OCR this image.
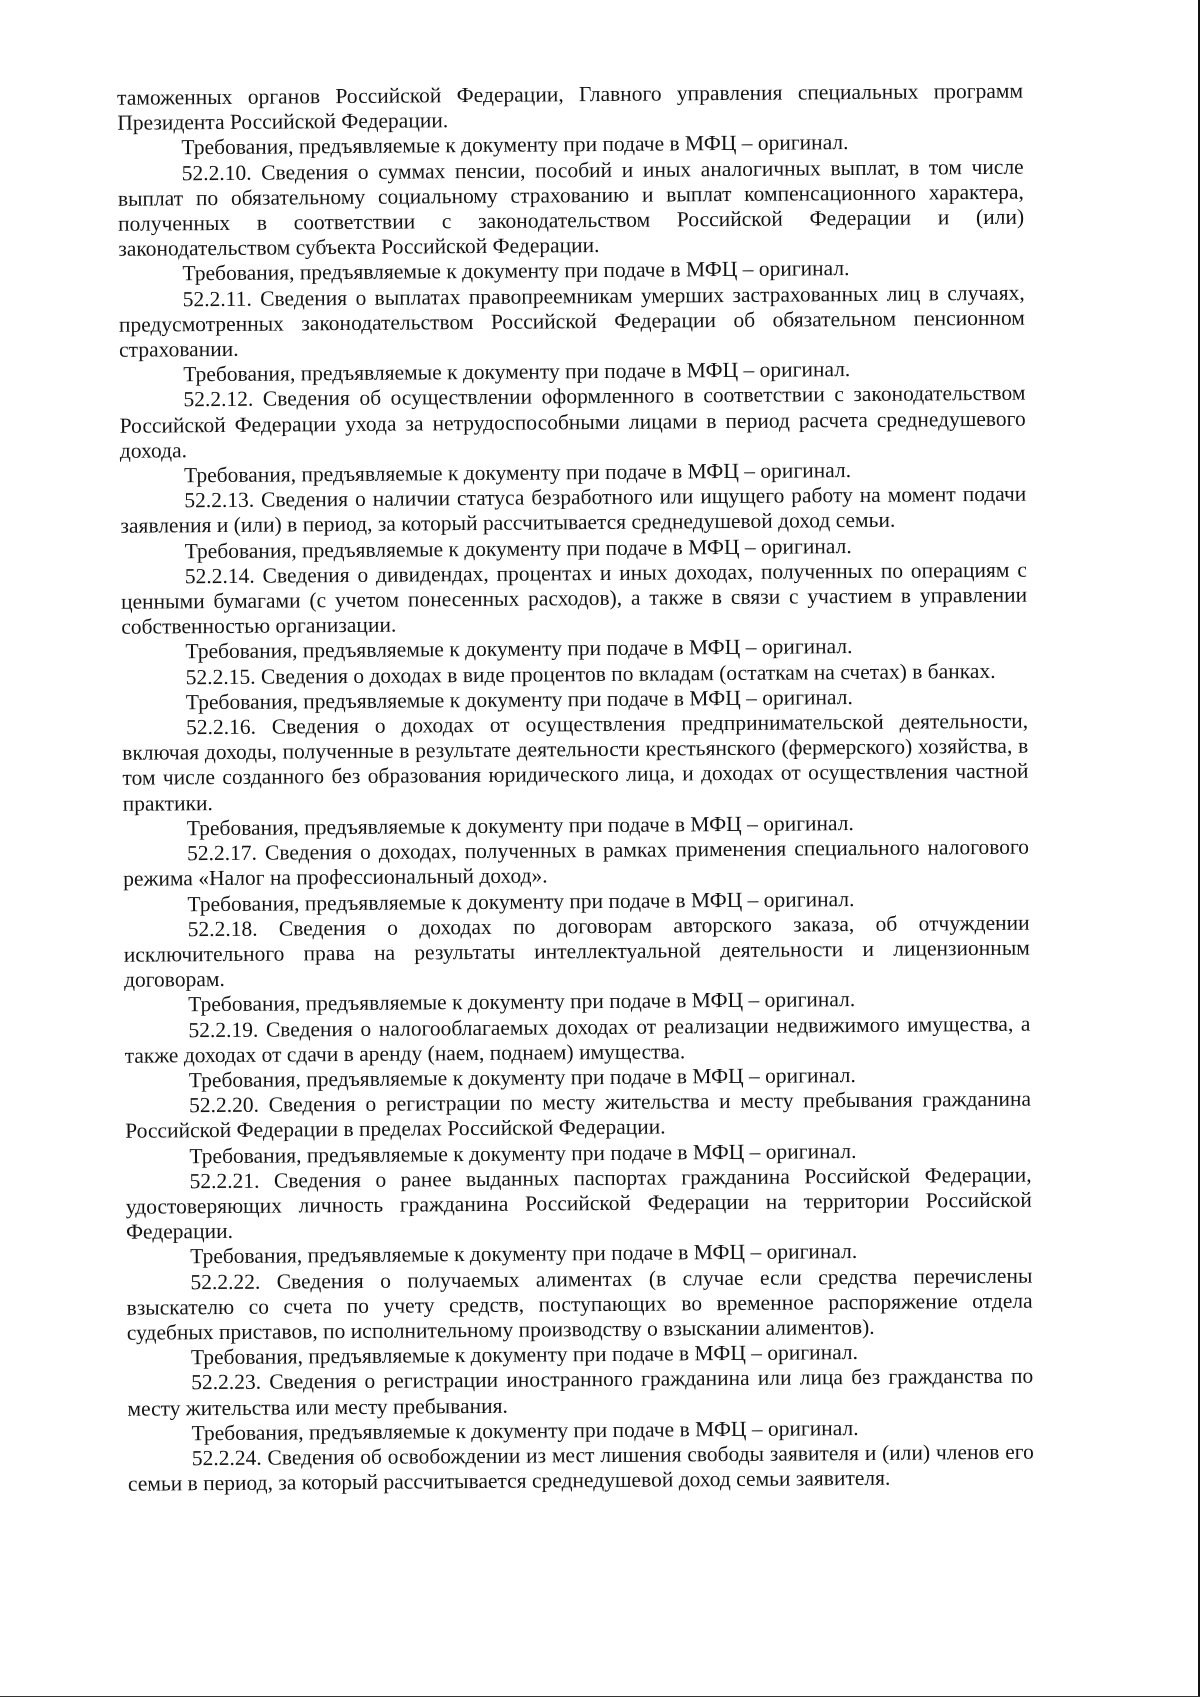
таможенных органов Российской Федерации, Главного управления специальных программ Президента Российской Федерации.

Требования, предъявляемые к документу при подаче в МФЦ – оригинал.

52.2.10. Сведения о суммах пенсии, пособий и иных аналогичных выплат, в том числе выплат по обязательному социальному страхованию и выплат компенсационного характера, полученных в соответствии с законодательством Российской Федерации и (или) законодательством субъекта Российской Федерации.

Требования, предъявляемые к документу при подаче в МФЦ – оригинал.

52.2.11. Сведения о выплатах правопреемникам умерших застрахованных лиц в случаях, предусмотренных законодательством Российской Федерации об обязательном пенсионном страховании.

Требования, предъявляемые к документу при подаче в МФЦ – оригинал.

52.2.12. Сведения об осуществлении оформленного в соответствии с законодательством Российской Федерации ухода за нетрудоспособными лицами в период расчета среднедушевого дохода.

Требования, предъявляемые к документу при подаче в МФЦ – оригинал.

52.2.13. Сведения о наличии статуса безработного или ищущего работу на момент подачи заявления и (или) в период, за который рассчитывается среднедушевой доход семьи.

Требования, предъявляемые к документу при подаче в МФЦ – оригинал.

52.2.14. Сведения о дивидендах, процентах и иных доходах, полученных по операциям с ценными бумагами (с учетом понесенных расходов), а также в связи с участием в управлении собственностью организации.

Требования, предъявляемые к документу при подаче в МФЦ – оригинал.

52.2.15. Сведения о доходах в виде процентов по вкладам (остаткам на счетах) в банках.

Требования, предъявляемые к документу при подаче в МФЦ – оригинал.

52.2.16. Сведения о доходах от осуществления предпринимательской деятельности, включая доходы, полученные в результате деятельности крестьянского (фермерского) хозяйства, в том числе созданного без образования юридического лица, и доходах от осуществления частной практики.

Требования, предъявляемые к документу при подаче в МФЦ – оригинал.

52.2.17. Сведения о доходах, полученных в рамках применения специального налогового режима «Налог на профессиональный доход».

Требования, предъявляемые к документу при подаче в МФЦ – оригинал.

52.2.18. Сведения о доходах по договорам авторского заказа, об отчуждении исключительного права на результаты интеллектуальной деятельности и лицензионным договорам.

Требования, предъявляемые к документу при подаче в МФЦ – оригинал.

52.2.19. Сведения о налогооблагаемых доходах от реализации недвижимого имущества, а также доходах от сдачи в аренду (наем, поднаем) имущества.

Требования, предъявляемые к документу при подаче в МФЦ – оригинал.

52.2.20. Сведения о регистрации по месту жительства и месту пребывания гражданина Российской Федерации в пределах Российской Федерации.

Требования, предъявляемые к документу при подаче в МФЦ – оригинал.

52.2.21. Сведения о ранее выданных паспортах гражданина Российской Федерации, удостоверяющих личность гражданина Российской Федерации на территории Российской Федерации.

Требования, предъявляемые к документу при подаче в МФЦ – оригинал.

52.2.22. Сведения о получаемых алиментах (в случае если средства перечислены взыскателю со счета по учету средств, поступающих во временное распоряжение отдела судебных приставов, по исполнительному производству о взыскании алиментов).

Требования, предъявляемые к документу при подаче в МФЦ – оригинал.

52.2.23. Сведения о регистрации иностранного гражданина или лица без гражданства по месту жительства или месту пребывания.

Требования, предъявляемые к документу при подаче в МФЦ – оригинал.

52.2.24. Сведения об освобождении из мест лишения свободы заявителя и (или) членов его семьи в период, за который рассчитывается среднедушевой доход семьи заявителя.
